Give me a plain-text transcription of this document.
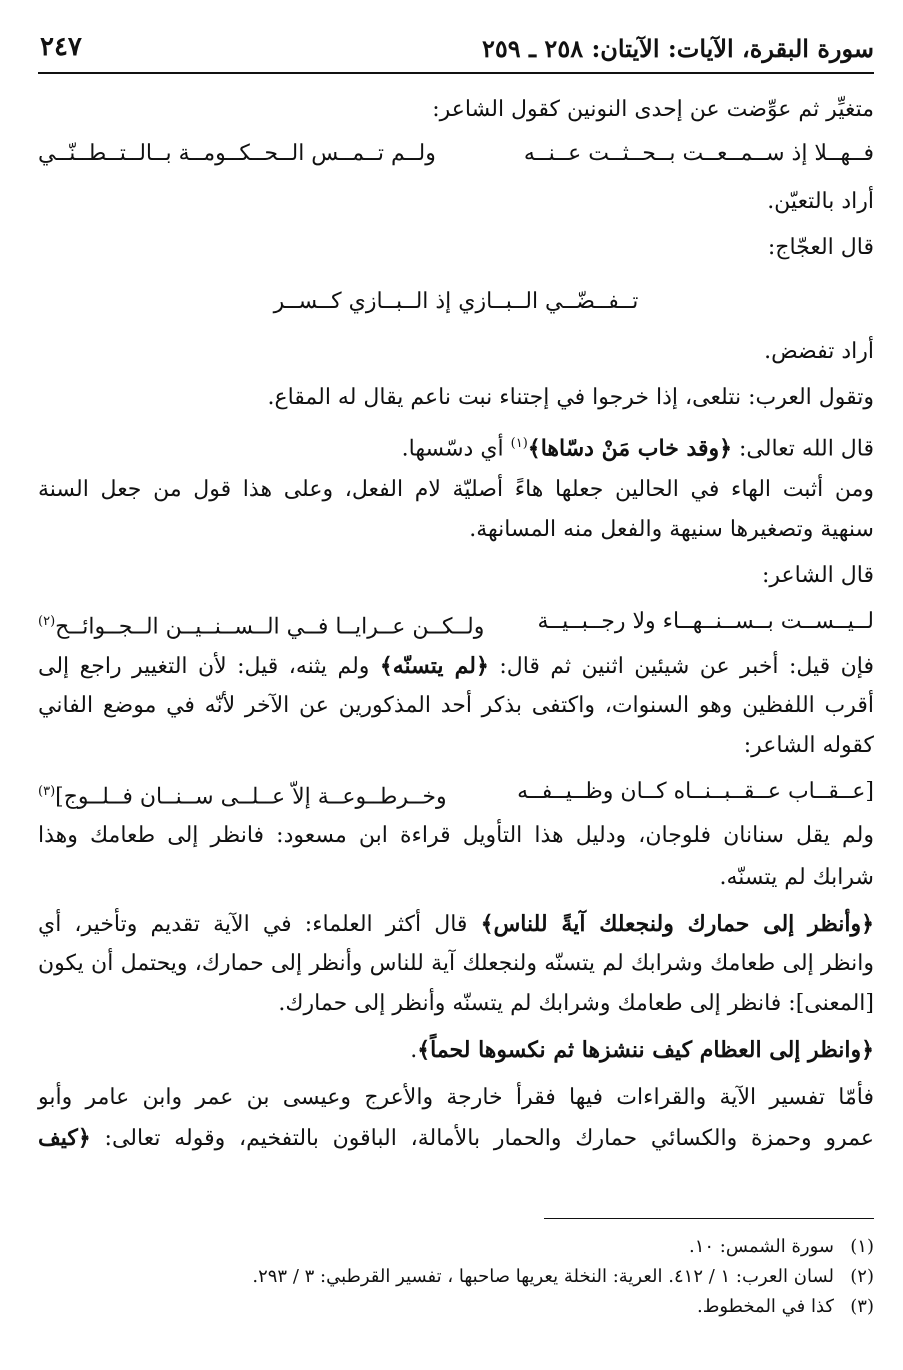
سورة البقرة، الآيات: الآيتان: ٢٥٨ ـ ٢٥٩
٢٤٧
متغيِّر ثم عوِّضت عن إحدى النونين كقول الشاعر:
فــهــلا إذ ســمــعــت بــحــثــت عــنــه
ولــم تــمــس الــحــكــومــة بــالــتــطــنّــي
أراد بالتعيّن.
قال العجّاج:
تــفــضّــي الــبــازي إذ الــبــازي كــســر
أراد تفضض.
وتقول العرب: نتلعى، إذا خرجوا في إجتناء نبت ناعم يقال له المقاع.
قال الله تعالى: ﴿وقد خاب مَنْ دسّاها﴾$^{(١)}$ أي دسّسها.
ومن أثبت الهاء في الحالين جعلها هاءً أصليّة لام الفعل، وعلى هذا قول من جعل السنة
سنهية وتصغيرها سنيهة والفعل منه المسانهة.
قال الشاعر:
لــيــســت بــســنــهــاء ولا رجــبــيــة
ولــكــن عــرايــا فــي الــســنــيــن الــجــوائــح$^{(٢)}$
فإن قيل: أخبر عن شيئين اثنين ثم قال: ﴿لم يتسنّه﴾ ولم يثنه، قيل: لأن التغيير راجع إلى
أقرب اللفظين وهو السنوات، واكتفى بذكر أحد المذكورين عن الآخر لأنّه في موضع الفاني
كقوله الشاعر:
[عــقــاب عــقــبــنــاه كــان وظــيــفــه
وخــرطــوعــة إلاّ عــلــى ســنــان فــلــوج]$^{(٣)}$
ولم يقل سنانان فلوجان، ودليل هذا التأويل قراءة ابن مسعود: فانظر إلى طعامك وهذا
شرابك لم يتسنّه.
﴿وأنظر إلى حمارك ولنجعلك آيةً للناس﴾ قال أكثر العلماء: في الآية تقديم وتأخير، أي
وانظر إلى طعامك وشرابك لم يتسنّه ولنجعلك آية للناس وأنظر إلى حمارك، ويحتمل أن يكون
[المعنى]: فانظر إلى طعامك وشرابك لم يتسنّه وأنظر إلى حمارك.
﴿وانظر إلى العظام كيف ننشزها ثم نكسوها لحماً﴾.
فأمّا تفسير الآية والقراءات فيها فقرأ خارجة والأعرج وعيسى بن عمر وابن عامر وأبو
عمرو وحمزة والكسائي حمارك والحمار بالأمالة، الباقون بالتفخيم، وقوله تعالى: ﴿كيف
(١)سورة الشمس: ١٠.
(٢)لسان العرب: ١ / ٤١٢. العرية: النخلة يعريها صاحبها ، تفسير القرطبي: ٣ / ٢٩٣.
(٣)كذا في المخطوط.
